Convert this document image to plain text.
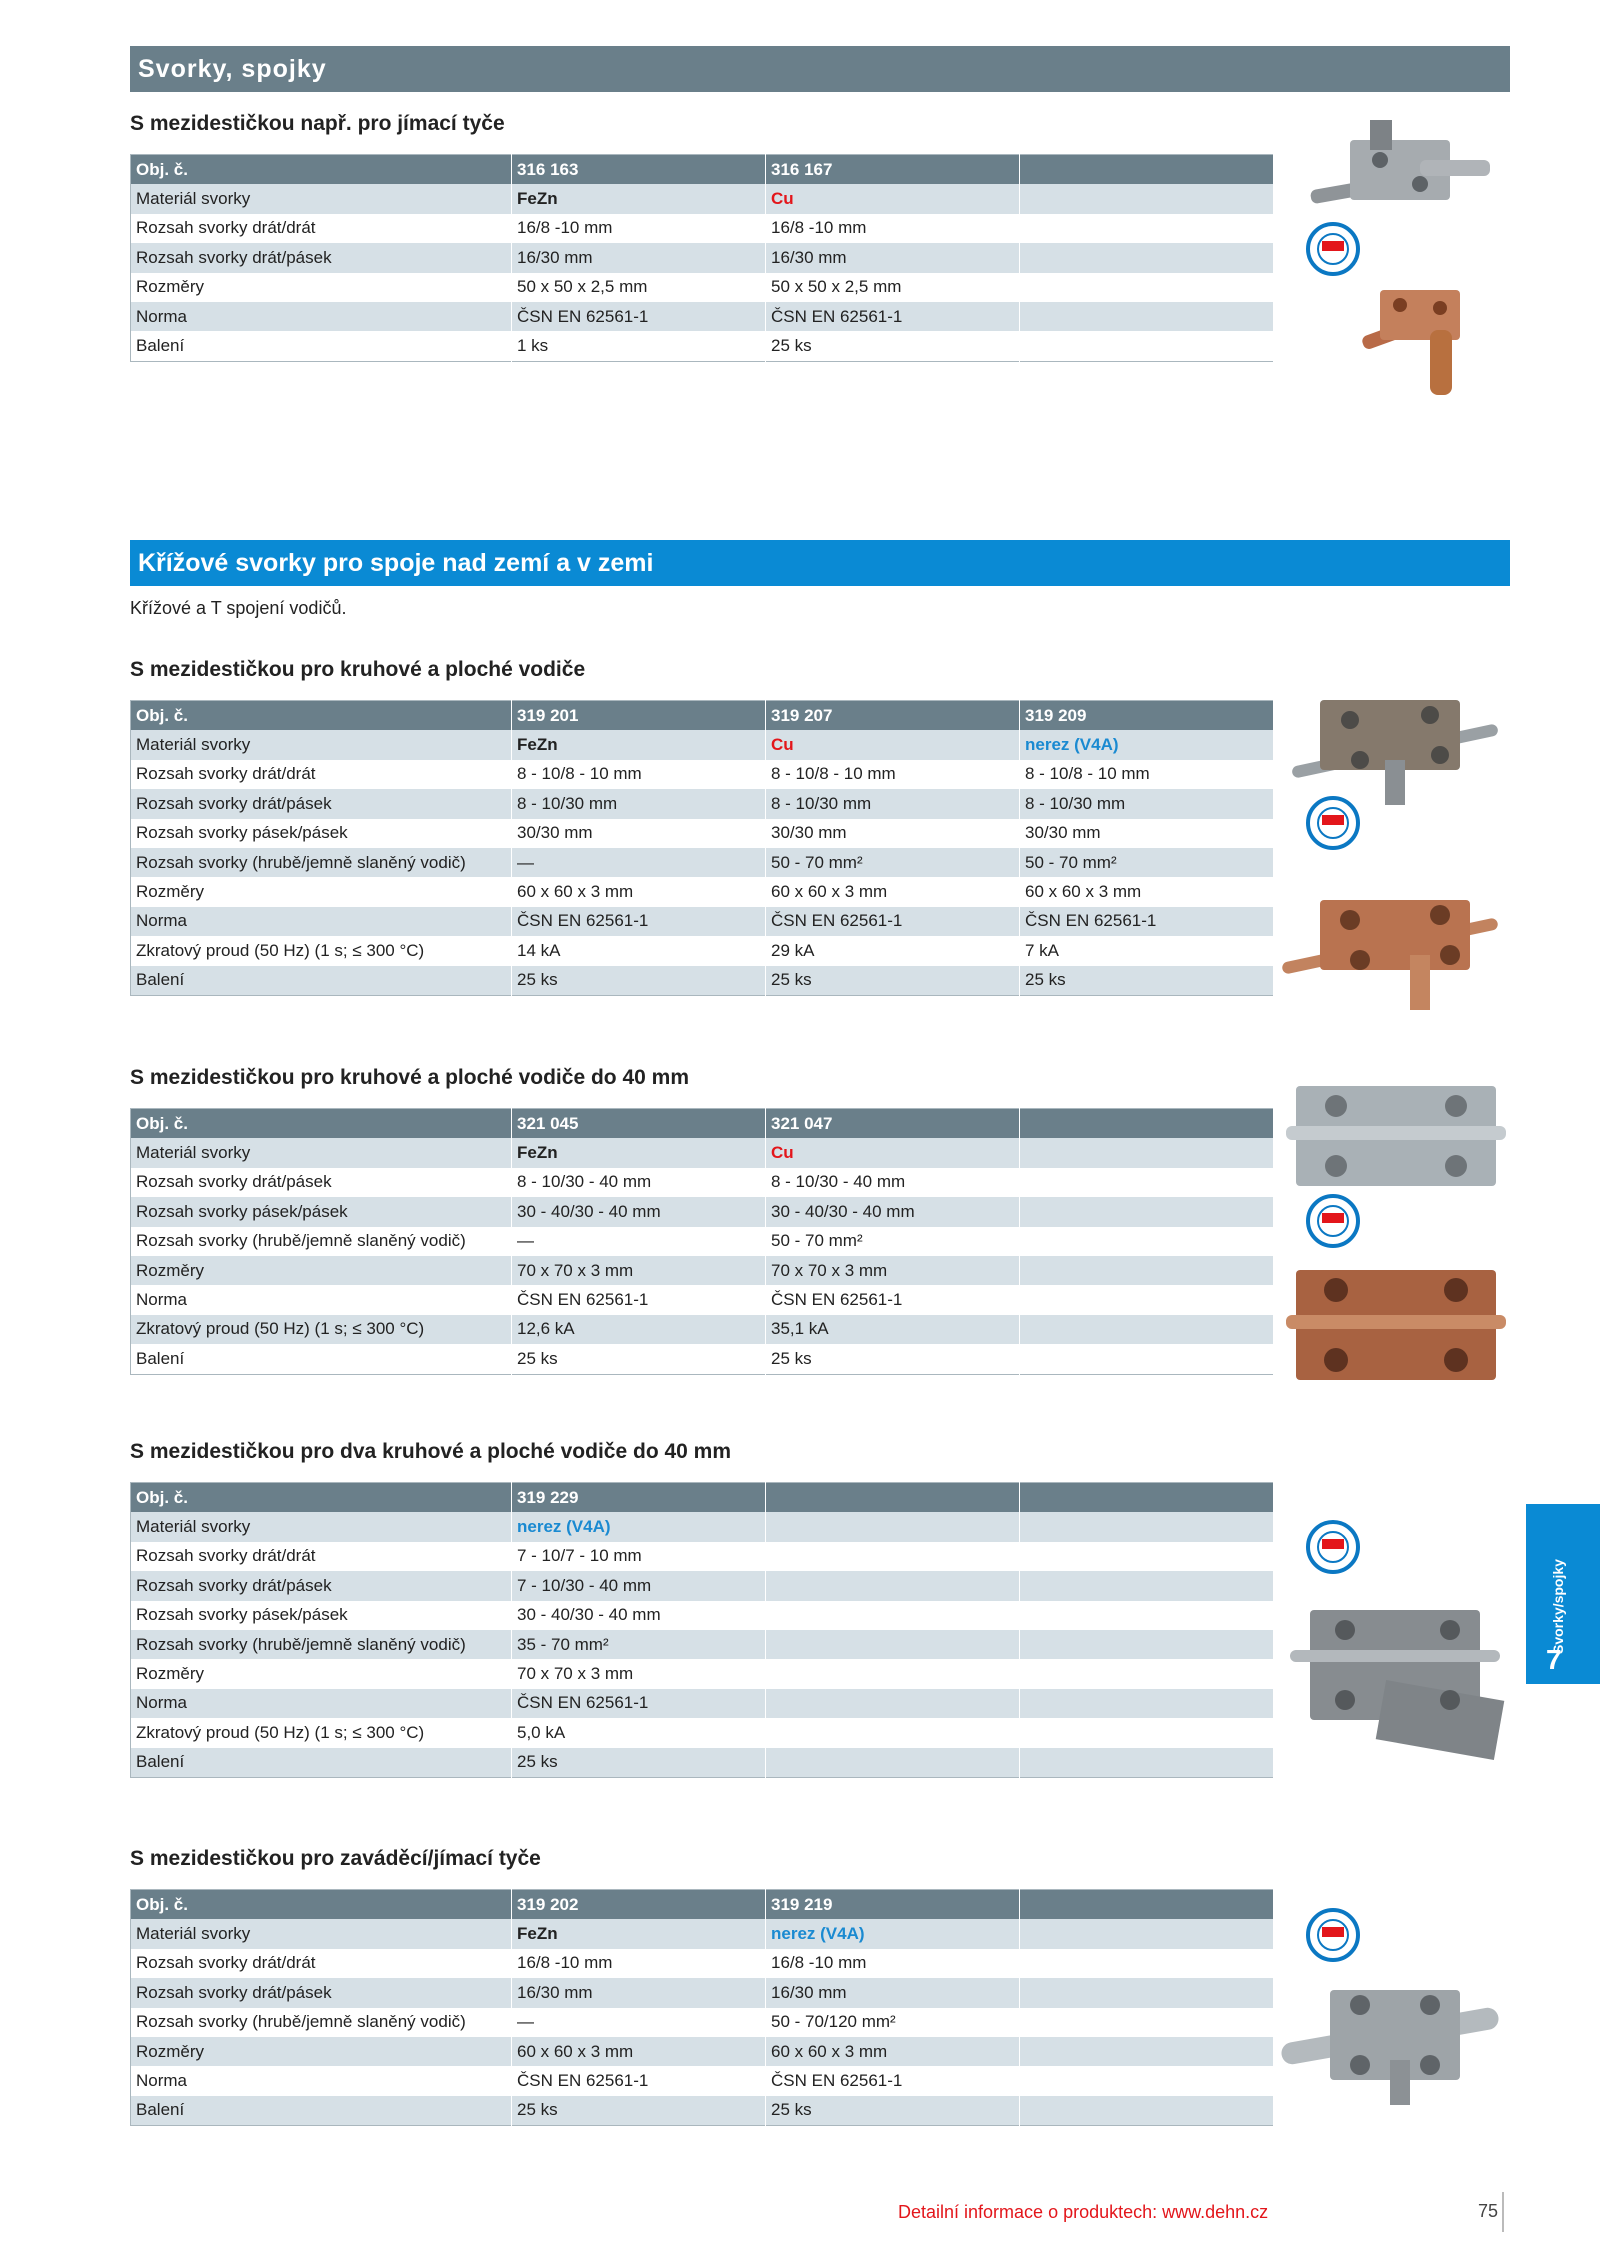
Svorky, spojky
S mezidestičkou např. pro jímací tyče
Obj. č.	316 163	316 167	
Materiál svorky	FeZn	Cu	
Rozsah svorky drát/drát	16/8 -10 mm	16/8 -10 mm	
Rozsah svorky drát/pásek	16/30 mm	16/30 mm	
Rozměry	50 x 50 x 2,5 mm	50 x 50 x 2,5 mm	
Norma	ČSN EN 62561-1	ČSN EN 62561-1	
Balení	1 ks	25 ks	
Křížové svorky pro spoje nad zemí a v zemi
Křížové a T spojení vodičů.
S mezidestičkou pro kruhové a ploché vodiče
Obj. č.	319 201	319 207	319 209
Materiál svorky	FeZn	Cu	nerez (V4A)
Rozsah svorky drát/drát	8 - 10/8 - 10 mm	8 - 10/8 - 10 mm	8 - 10/8 - 10 mm
Rozsah svorky drát/pásek	8 - 10/30 mm	8 - 10/30 mm	8 - 10/30 mm
Rozsah svorky pásek/pásek	30/30 mm	30/30 mm	30/30 mm
Rozsah svorky (hrubě/jemně slaněný vodič)	—	50 - 70 mm²	50 - 70 mm²
Rozměry	60 x 60 x 3 mm	60 x 60 x 3 mm	60 x 60 x 3 mm
Norma	ČSN EN 62561-1	ČSN EN 62561-1	ČSN EN 62561-1
Zkratový proud (50 Hz) (1 s; ≤ 300 °C)	14 kA	29 kA	7 kA
Balení	25 ks	25 ks	25 ks
S mezidestičkou pro kruhové a ploché vodiče do 40 mm
Obj. č.	321 045	321 047	
Materiál svorky	FeZn	Cu	
Rozsah svorky drát/pásek	8 - 10/30 - 40 mm	8 - 10/30 - 40 mm	
Rozsah svorky pásek/pásek	30 - 40/30 - 40 mm	30 - 40/30 - 40 mm	
Rozsah svorky (hrubě/jemně slaněný vodič)	—	50 - 70 mm²	
Rozměry	70 x 70 x 3 mm	70 x 70 x 3 mm	
Norma	ČSN EN 62561-1	ČSN EN 62561-1	
Zkratový proud (50 Hz) (1 s; ≤ 300 °C)	12,6 kA	35,1 kA	
Balení	25 ks	25 ks	
S mezidestičkou pro dva kruhové a ploché vodiče do 40 mm
Obj. č.	319 229		
Materiál svorky	nerez (V4A)		
Rozsah svorky drát/drát	7 - 10/7 - 10 mm		
Rozsah svorky drát/pásek	7 - 10/30 - 40 mm		
Rozsah svorky pásek/pásek	30 - 40/30 - 40 mm		
Rozsah svorky (hrubě/jemně slaněný vodič)	35 - 70 mm²		
Rozměry	70 x 70 x 3 mm		
Norma	ČSN EN 62561-1		
Zkratový proud (50 Hz) (1 s; ≤ 300 °C)	5,0 kA		
Balení	25 ks		
S mezidestičkou pro zaváděcí/jímací tyče
Obj. č.	319 202	319 219	
Materiál svorky	FeZn	nerez (V4A)	
Rozsah svorky drát/drát	16/8 -10 mm	16/8 -10 mm	
Rozsah svorky drát/pásek	16/30 mm	16/30 mm	
Rozsah svorky (hrubě/jemně slaněný vodič)	—	50 - 70/120 mm²	
Rozměry	60 x 60 x 3 mm	60 x 60 x 3 mm	
Norma	ČSN EN 62561-1	ČSN EN 62561-1	
Balení	25 ks	25 ks	
Svorky/spojky
7
Detailní informace o produktech: www.dehn.cz	75
